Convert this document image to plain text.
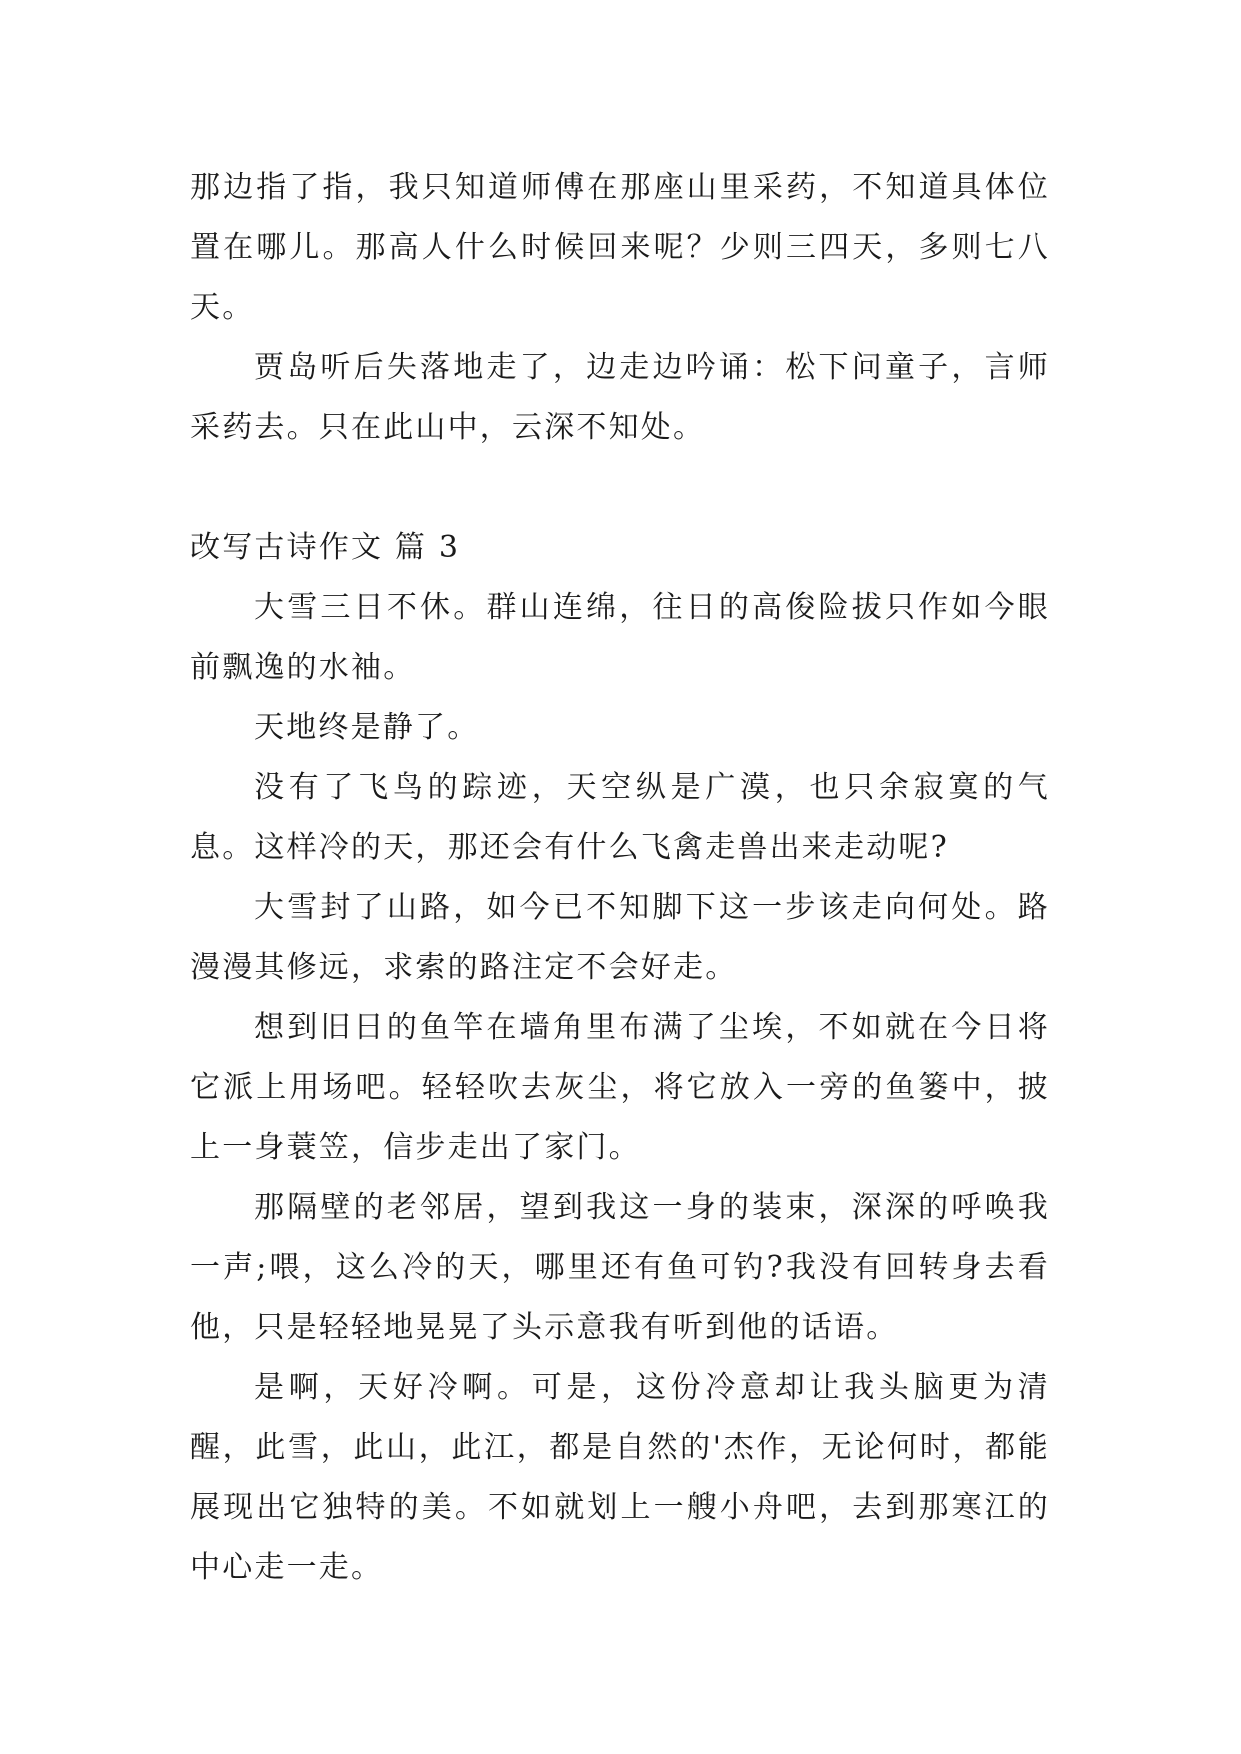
那边指了指，我只知道师傅在那座山里采药，不知道具体位置在哪儿。那高人什么时候回来呢？少则三四天，多则七八天。

贾岛听后失落地走了，边走边吟诵：松下问童子，言师采药去。只在此山中，云深不知处。

改写古诗作文 篇 3

大雪三日不休。群山连绵，往日的高俊险拔只作如今眼前飘逸的水袖。

天地终是静了。

没有了飞鸟的踪迹，天空纵是广漠，也只余寂寞的气息。这样冷的天，那还会有什么飞禽走兽出来走动呢?

大雪封了山路，如今已不知脚下这一步该走向何处。路漫漫其修远，求索的路注定不会好走。

想到旧日的鱼竿在墙角里布满了尘埃，不如就在今日将它派上用场吧。轻轻吹去灰尘，将它放入一旁的鱼篓中，披上一身蓑笠，信步走出了家门。

那隔壁的老邻居，望到我这一身的装束，深深的呼唤我一声;喂，这么冷的天，哪里还有鱼可钓?我没有回转身去看他，只是轻轻地晃晃了头示意我有听到他的话语。

是啊，天好冷啊。可是，这份冷意却让我头脑更为清醒，此雪，此山，此江，都是自然的'杰作，无论何时，都能展现出它独特的美。不如就划上一艘小舟吧，去到那寒江的中心走一走。
